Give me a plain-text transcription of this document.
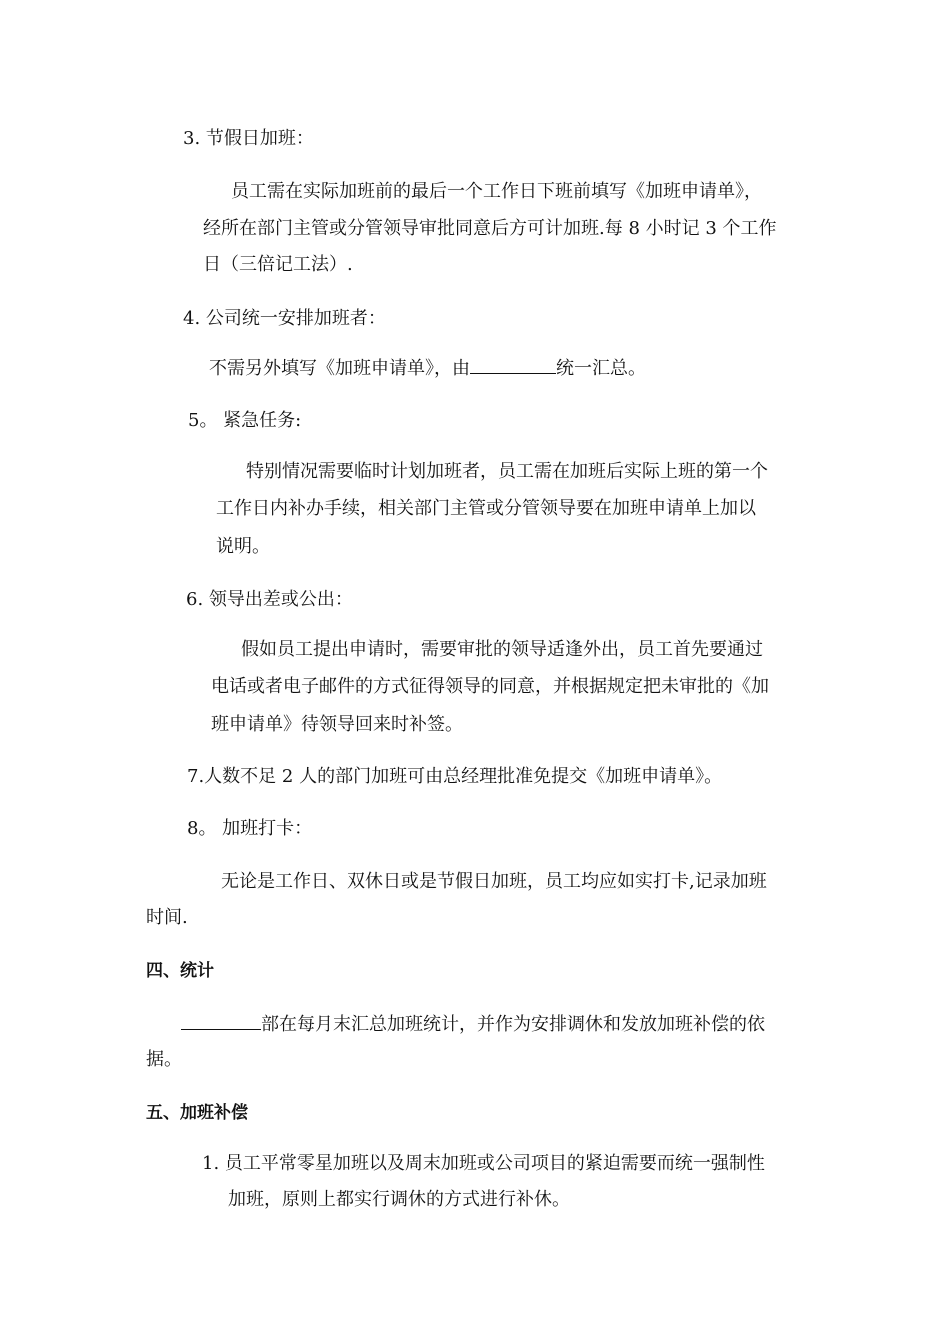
3. 节假日加班：
员工需在实际加班前的最后一个工作日下班前填写《加班申请单》，
经所在部门主管或分管领导审批同意后方可计加班.每 8 小时记 3 个工作
日（三倍记工法）.
4. 公司统一安排加班者：
不需另外填写《加班申请单》，由	统一汇总。
5。 紧急任务:
特别情况需要临时计划加班者，员工需在加班后实际上班的第一个
工作日内补办手续，相关部门主管或分管领导要在加班申请单上加以
说明。
6. 领导出差或公出：
假如员工提出申请时，需要审批的领导适逢外出，员工首先要通过
电话或者电子邮件的方式征得领导的同意，并根据规定把未审批的《加
班申请单》待领导回来时补签。
7.人数不足 2 人的部门加班可由总经理批准免提交《加班申请单》。
8。 加班打卡：
无论是工作日、双休日或是节假日加班，员工均应如实打卡,记录加班
时间.
四、统计
部在每月末汇总加班统计，并作为安排调休和发放加班补偿的依
据。
五、加班补偿
1. 员工平常零星加班以及周末加班或公司项目的紧迫需要而统一强制性
加班，原则上都实行调休的方式进行补休。
